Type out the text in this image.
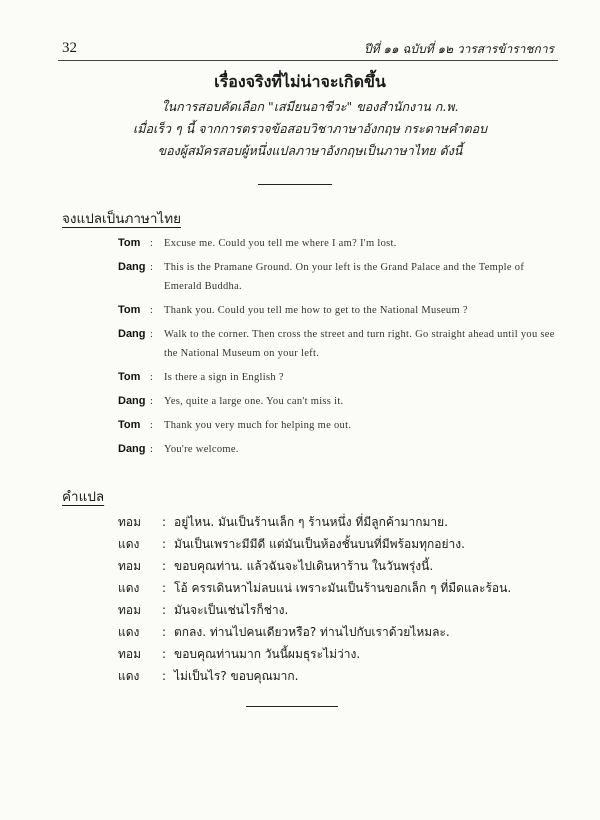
32	ปีที่ ๑๑ ฉบับที่ ๑๒ วารสารข้าราชการ
เรื่องจริงที่ไม่น่าจะเกิดขึ้น
ในการสอบคัดเลือก "เสมียนอาชีวะ" ของสำนักงาน ก.พ.
เมื่อเร็ว ๆ นี้ จากการตรวจข้อสอบวิชาภาษาอังกฤษ กระดาษคำตอบ
ของผู้สมัครสอบผู้หนึ่งแปลภาษาอังกฤษเป็นภาษาไทย ดังนี้
จงแปลเป็นภาษาไทย
Tom :	Excuse me. Could you tell me where I am? I'm lost.
Dang :	This is the Pramane Ground. On your left is the Grand Palace and the Temple of Emerald Buddha.
Tom :	Thank you. Could you tell me how to get to the National Museum ?
Dang :	Walk to the corner. Then cross the street and turn right. Go straight ahead until you see the National Museum on your left.
Tom :	Is there a sign in English ?
Dang :	Yes, quite a large one. You can't miss it.
Tom :	Thank you very much for helping me out.
Dang :	You're welcome.
คำแปล
ทอม	: อยู่ไหน. มันเป็นร้านเล็ก ๆ ร้านหนึ่ง ที่มีลูกค้ามากมาย.
แดง	: มันเป็นเพราะมีมีดี แต่มันเป็นห้องชั้นบนที่มีพร้อมทุกอย่าง.
ทอม	: ขอบคุณท่าน. แล้วฉันจะไปเดินหาร้าน ในวันพรุ่งนี้.
แดง	: โอ้ ครรเดินหาไม่ลบแน่ เพราะมันเป็นร้านขอกเล็ก ๆ ที่มืดและร้อน.
ทอม	: มันจะเป็นเช่นไรก็ช่าง.
แดง	: ตกลง. ท่านไปคนเดียวหรือ? ท่านไปกับเราด้วยไหมละ.
ทอม	: ขอบคุณท่านมาก วันนี้ผมธุระไม่ว่าง.
แดง	: ไม่เป็นไร? ขอบคุณมาก.
